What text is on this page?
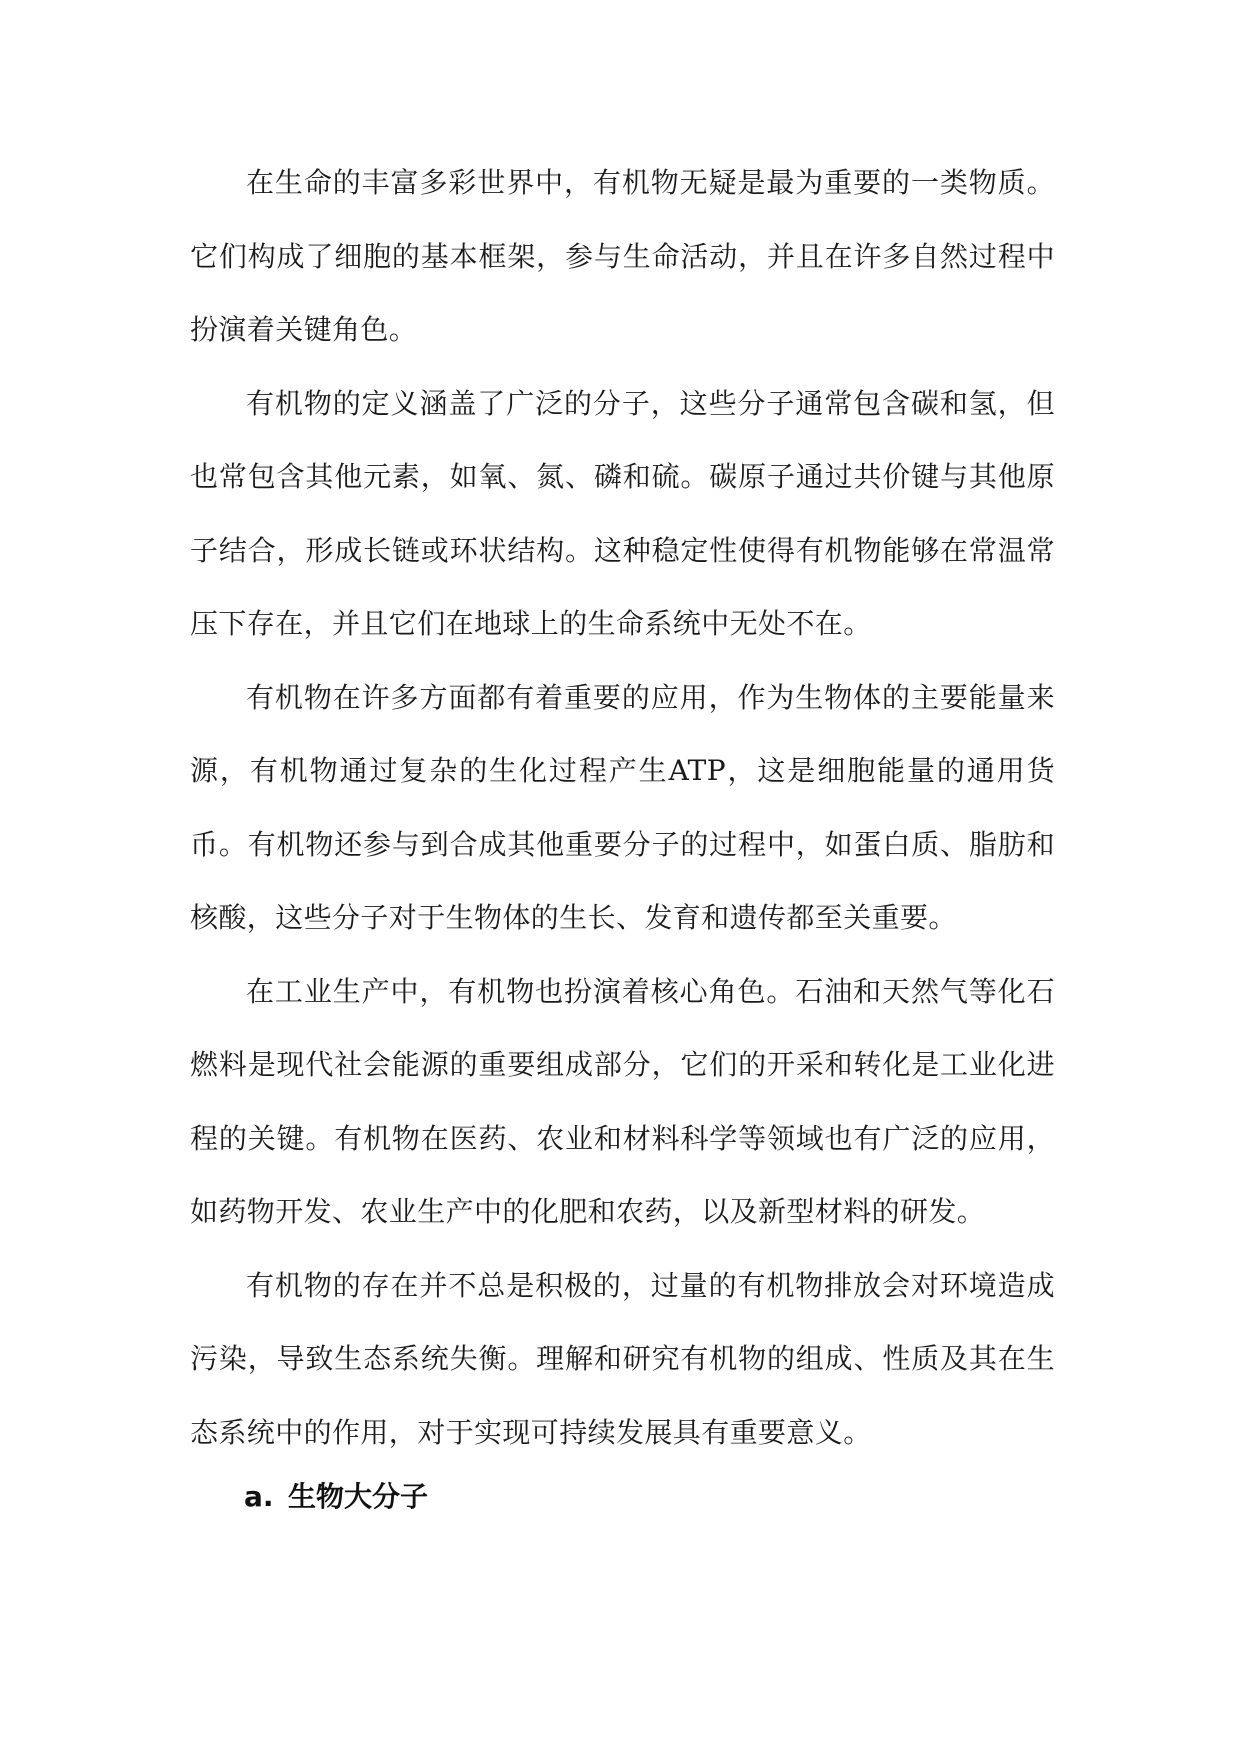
在生命的丰富多彩世界中，有机物无疑是最为重要的一类物质。它们构成了细胞的基本框架，参与生命活动，并且在许多自然过程中扮演着关键角色。

有机物的定义涵盖了广泛的分子，这些分子通常包含碳和氢，但也常包含其他元素，如氧、氮、磷和硫。碳原子通过共价键与其他原子结合，形成长链或环状结构。这种稳定性使得有机物能够在常温常压下存在，并且它们在地球上的生命系统中无处不在。

有机物在许多方面都有着重要的应用，作为生物体的主要能量来源，有机物通过复杂的生化过程产生ATP，这是细胞能量的通用货币。有机物还参与到合成其他重要分子的过程中，如蛋白质、脂肪和核酸，这些分子对于生物体的生长、发育和遗传都至关重要。

在工业生产中，有机物也扮演着核心角色。石油和天然气等化石燃料是现代社会能源的重要组成部分，它们的开采和转化是工业化进程的关键。有机物在医药、农业和材料科学等领域也有广泛的应用，如药物开发、农业生产中的化肥和农药，以及新型材料的研发。

有机物的存在并不总是积极的，过量的有机物排放会对环境造成污染，导致生态系统失衡。理解和研究有机物的组成、性质及其在生态系统中的作用，对于实现可持续发展具有重要意义。

a. 生物大分子
